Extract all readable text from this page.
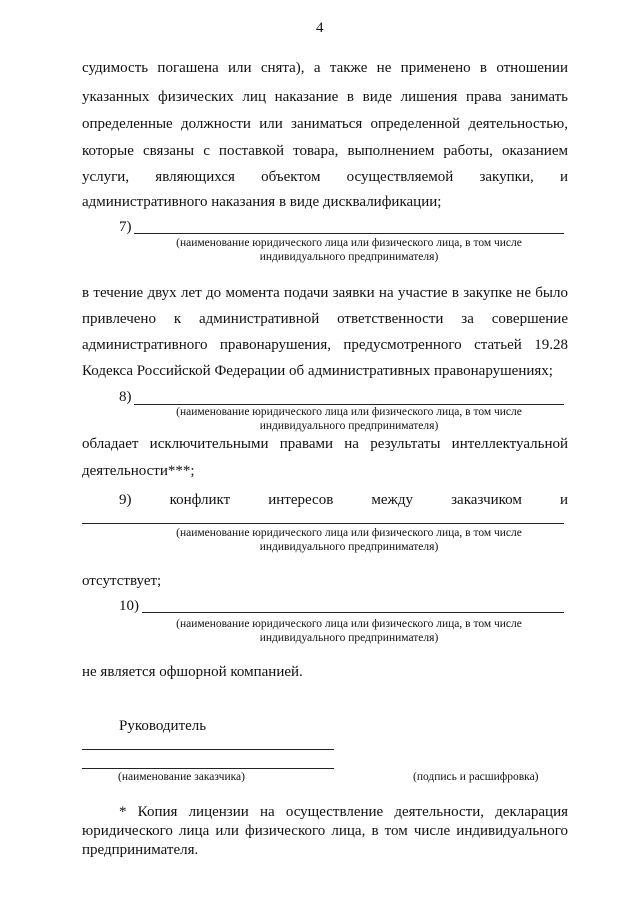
4
судимость погашена или снята), а также не применено в отношении
указанных физических лиц наказание в виде лишения права занимать
определенные должности или заниматься определенной деятельностью,
которые связаны с поставкой товара, выполнением работы, оказанием
услуги, являющихся объектом осуществляемой закупки, и
административного наказания в виде дисквалификации;
7)
(наименование юридического лица или физического лица, в том числе
индивидуального предпринимателя)
в течение двух лет до момента подачи заявки на участие в закупке не было
привлечено к административной ответственности за совершение
административного правонарушения, предусмотренного статьей 19.28
Кодекса Российской Федерации об административных правонарушениях;
8)
(наименование юридического лица или физического лица, в том числе
индивидуального предпринимателя)
обладает исключительными правами на результаты интеллектуальной
деятельности***;
9) конфликт интересов между заказчиком и
(наименование юридического лица или физического лица, в том числе
индивидуального предпринимателя)
отсутствует;
10)
(наименование юридического лица или физического лица, в том числе
индивидуального предпринимателя)
не является офшорной компанией.
Руководитель
(наименование заказчика)	(подпись и расшифровка)
* Копия лицензии на осуществление деятельности, декларация
юридического лица или физического лица, в том числе индивидуального
предпринимателя.
